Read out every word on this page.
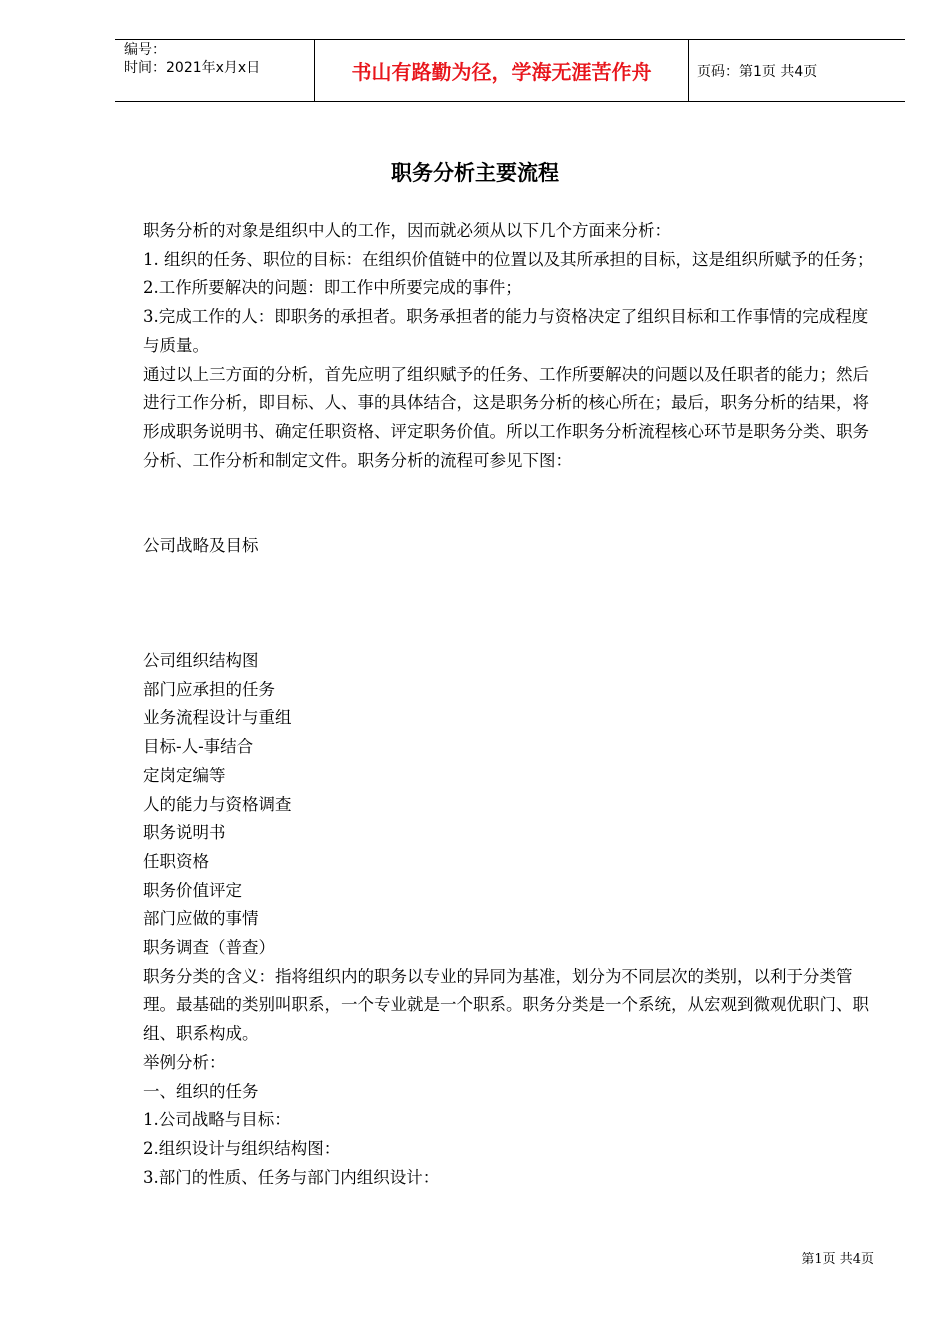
编号：
时间：2021年x月x日	书山有路勤为径，学海无涯苦作舟	页码：第1页 共4页
职务分析主要流程

职务分析的对象是组织中人的工作，因而就必须从以下几个方面来分析：

1. 组织的任务、职位的目标：在组织价值链中的位置以及其所承担的目标，这是组织所赋予的任务；

2.工作所要解决的问题：即工作中所要完成的事件；

3.完成工作的人：即职务的承担者。职务承担者的能力与资格决定了组织目标和工作事情的完成程度与质量。

通过以上三方面的分析，首先应明了组织赋予的任务、工作所要解决的问题以及任职者的能力；然后进行工作分析，即目标、人、事的具体结合，这是职务分析的核心所在；最后，职务分析的结果，将形成职务说明书、确定任职资格、评定职务价值。所以工作职务分析流程核心环节是职务分类、职务分析、工作分析和制定文件。职务分析的流程可参见下图：

公司战略及目标

公司组织结构图

部门应承担的任务

业务流程设计与重组

目标-人-事结合

定岗定编等

人的能力与资格调查

职务说明书

任职资格

职务价值评定

部门应做的事情

职务调查（普查）

职务分类的含义：指将组织内的职务以专业的异同为基准，划分为不同层次的类别，以利于分类管理。最基础的类别叫职系，一个专业就是一个职系。职务分类是一个系统，从宏观到微观优职门、职组、职系构成。

举例分析：

一、组织的任务

1.公司战略与目标：

2.组织设计与组织结构图：

3.部门的性质、任务与部门内组织设计：

第1页 共4页
